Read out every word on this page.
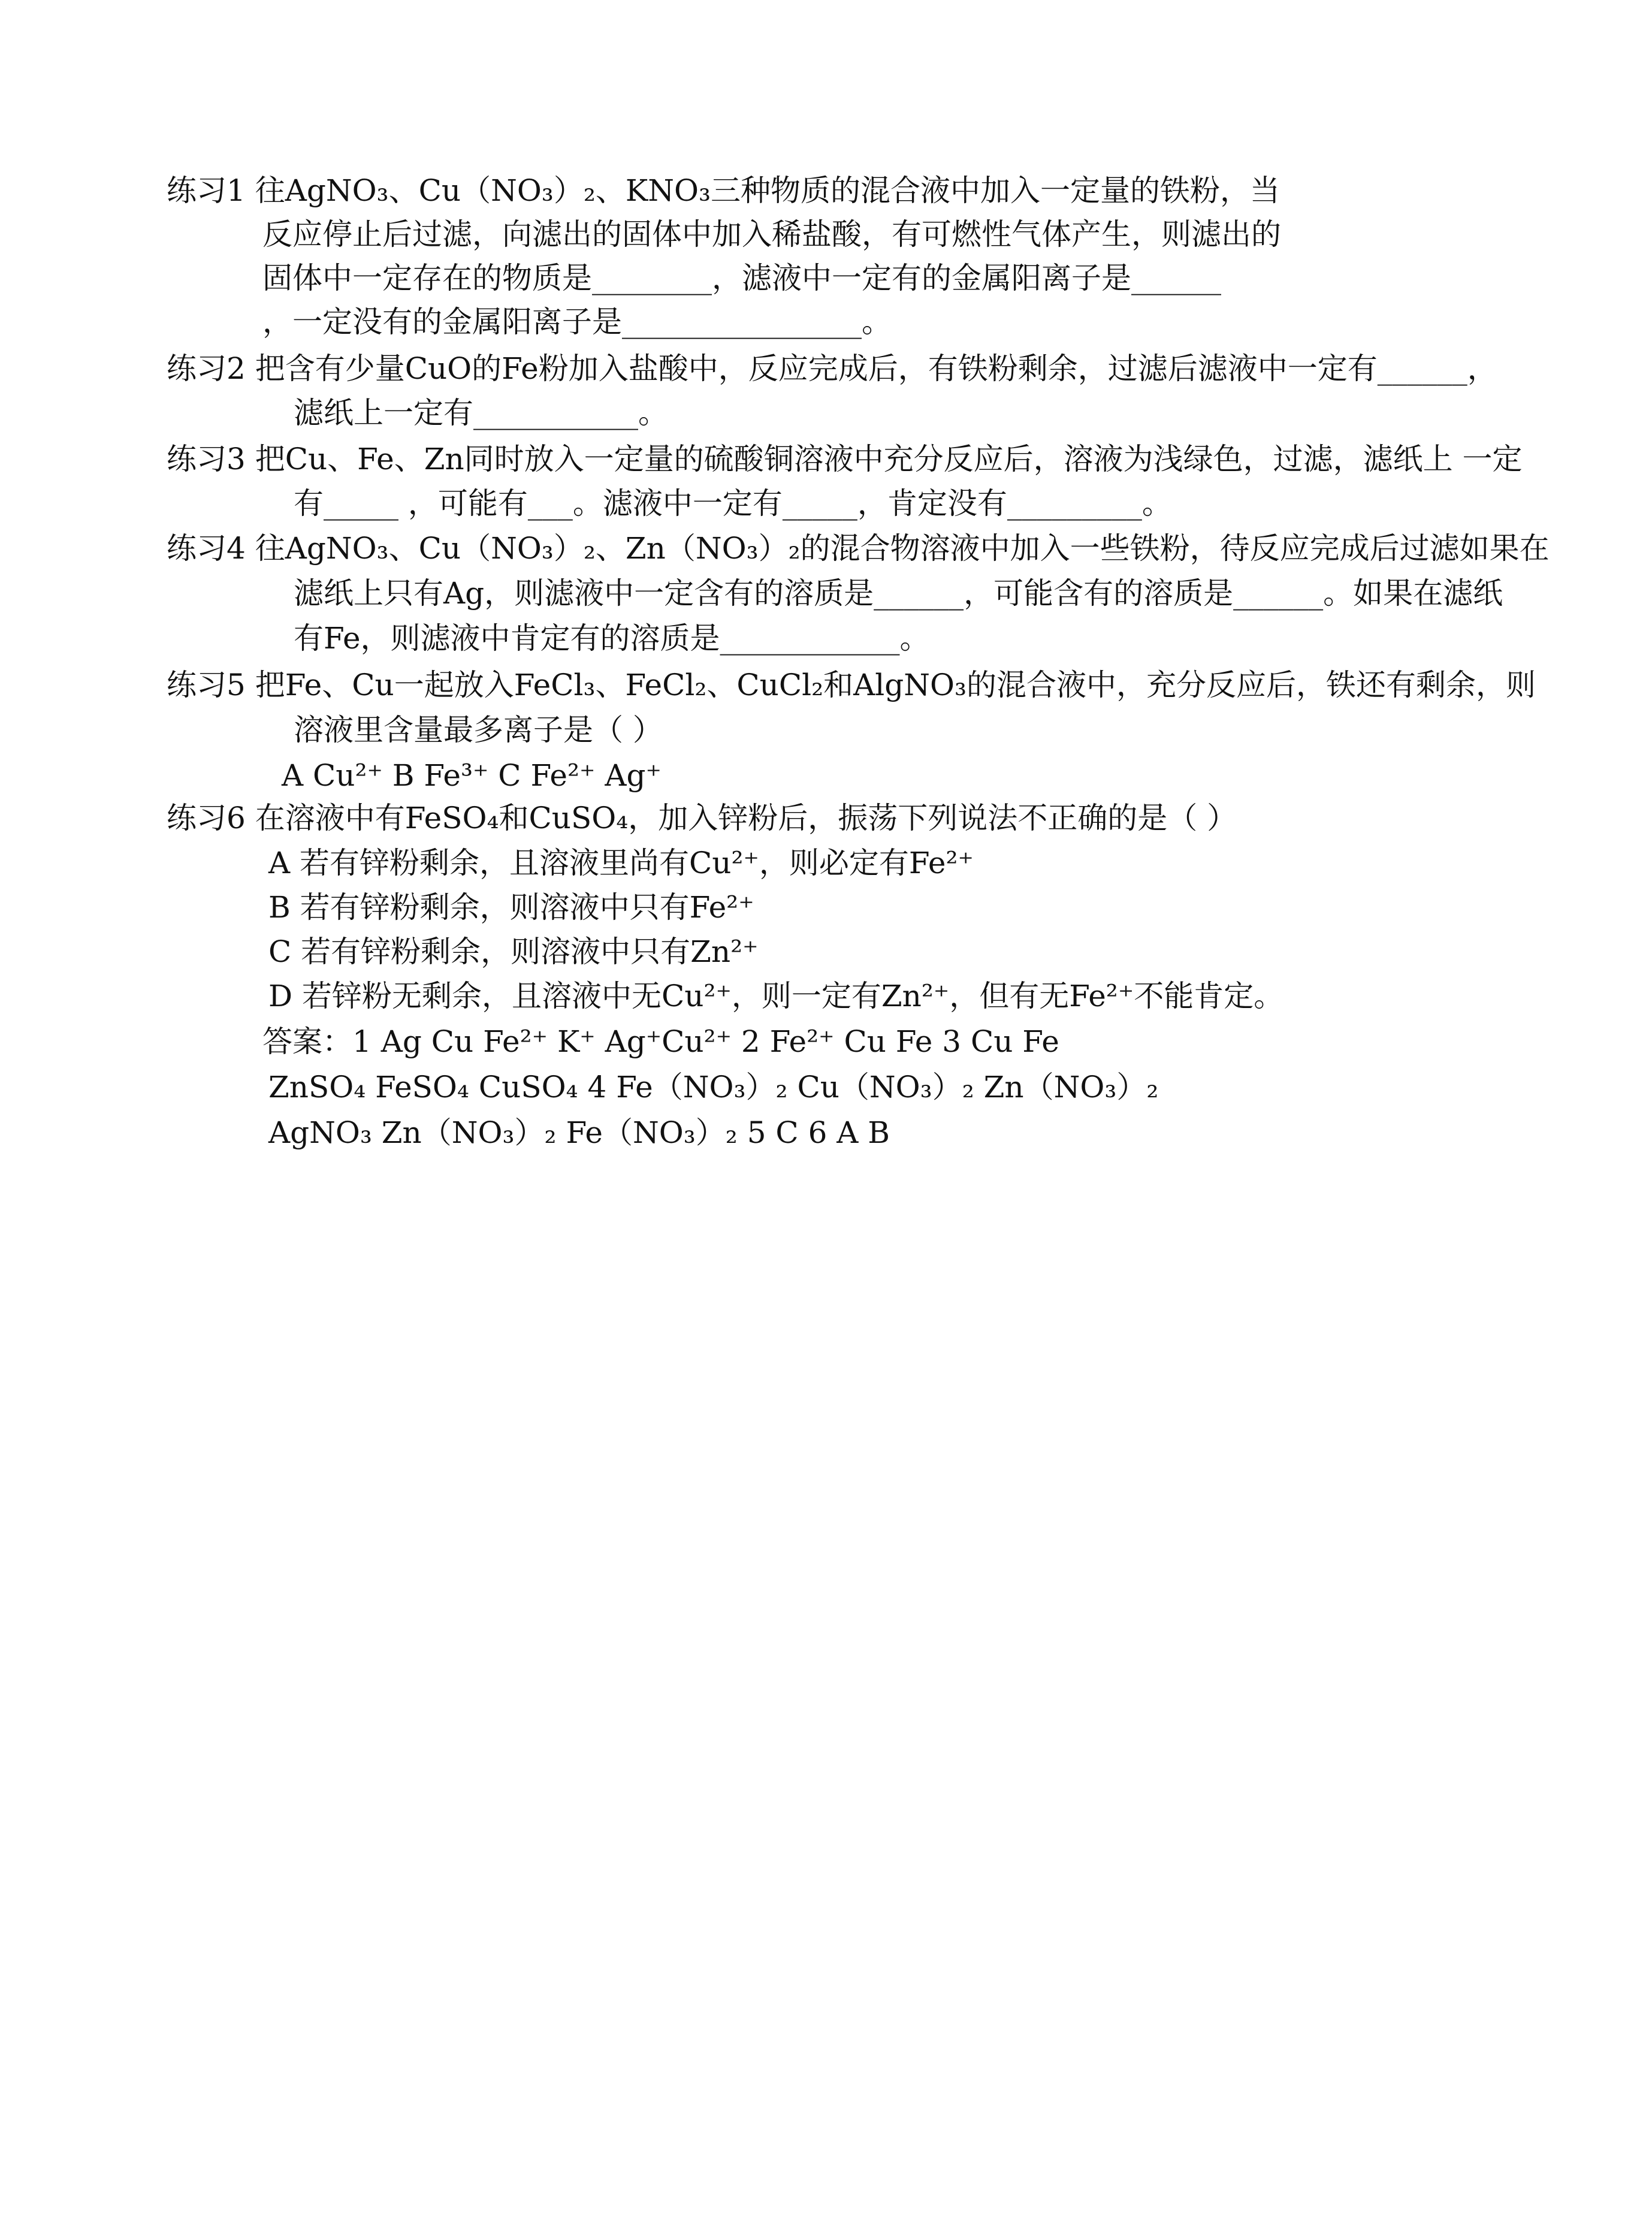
练习1 往AgNO₃、Cu（NO₃）₂、KNO₃三种物质的混合液中加入一定量的铁粉，当
反应停止后过滤，向滤出的固体中加入稀盐酸，有可燃性气体产生，则滤出的
固体中一定存在的物质是________，滤液中一定有的金属阳离子是______
，一定没有的金属阳离子是________________。
练习2 把含有少量CuO的Fe粉加入盐酸中，反应完成后，有铁粉剩余，过滤后滤液中一定有______，
滤纸上一定有___________。
练习3 把Cu、Fe、Zn同时放入一定量的硫酸铜溶液中充分反应后，溶液为浅绿色，过滤，滤纸上 一定
有_____ ，可能有___。滤液中一定有_____，肯定没有_________。
练习4 往AgNO₃、Cu（NO₃）₂、Zn（NO₃）₂的混合物溶液中加入一些铁粉，待反应完成后过滤如果在
滤纸上只有Ag，则滤液中一定含有的溶质是______，可能含有的溶质是______。如果在滤纸
有Fe，则滤液中肯定有的溶质是____________。
练习5 把Fe、Cu一起放入FeCl₃、FeCl₂、CuCl₂和AlgNO₃的混合液中，充分反应后，铁还有剩余，则
溶液里含量最多离子是（ ）
A Cu²⁺ B Fe³⁺ C Fe²⁺ Ag⁺
练习6 在溶液中有FeSO₄和CuSO₄，加入锌粉后，振荡下列说法不正确的是（ ）
A 若有锌粉剩余，且溶液里尚有Cu²⁺，则必定有Fe²⁺
B 若有锌粉剩余，则溶液中只有Fe²⁺
C 若有锌粉剩余，则溶液中只有Zn²⁺
D 若锌粉无剩余，且溶液中无Cu²⁺，则一定有Zn²⁺，但有无Fe²⁺不能肯定。
答案：1 Ag Cu Fe²⁺ K⁺ Ag⁺Cu²⁺ 2 Fe²⁺ Cu Fe 3 Cu Fe
ZnSO₄ FeSO₄ CuSO₄ 4 Fe（NO₃）₂ Cu（NO₃）₂ Zn（NO₃）₂
AgNO₃ Zn（NO₃）₂ Fe（NO₃）₂ 5 C 6 A B
